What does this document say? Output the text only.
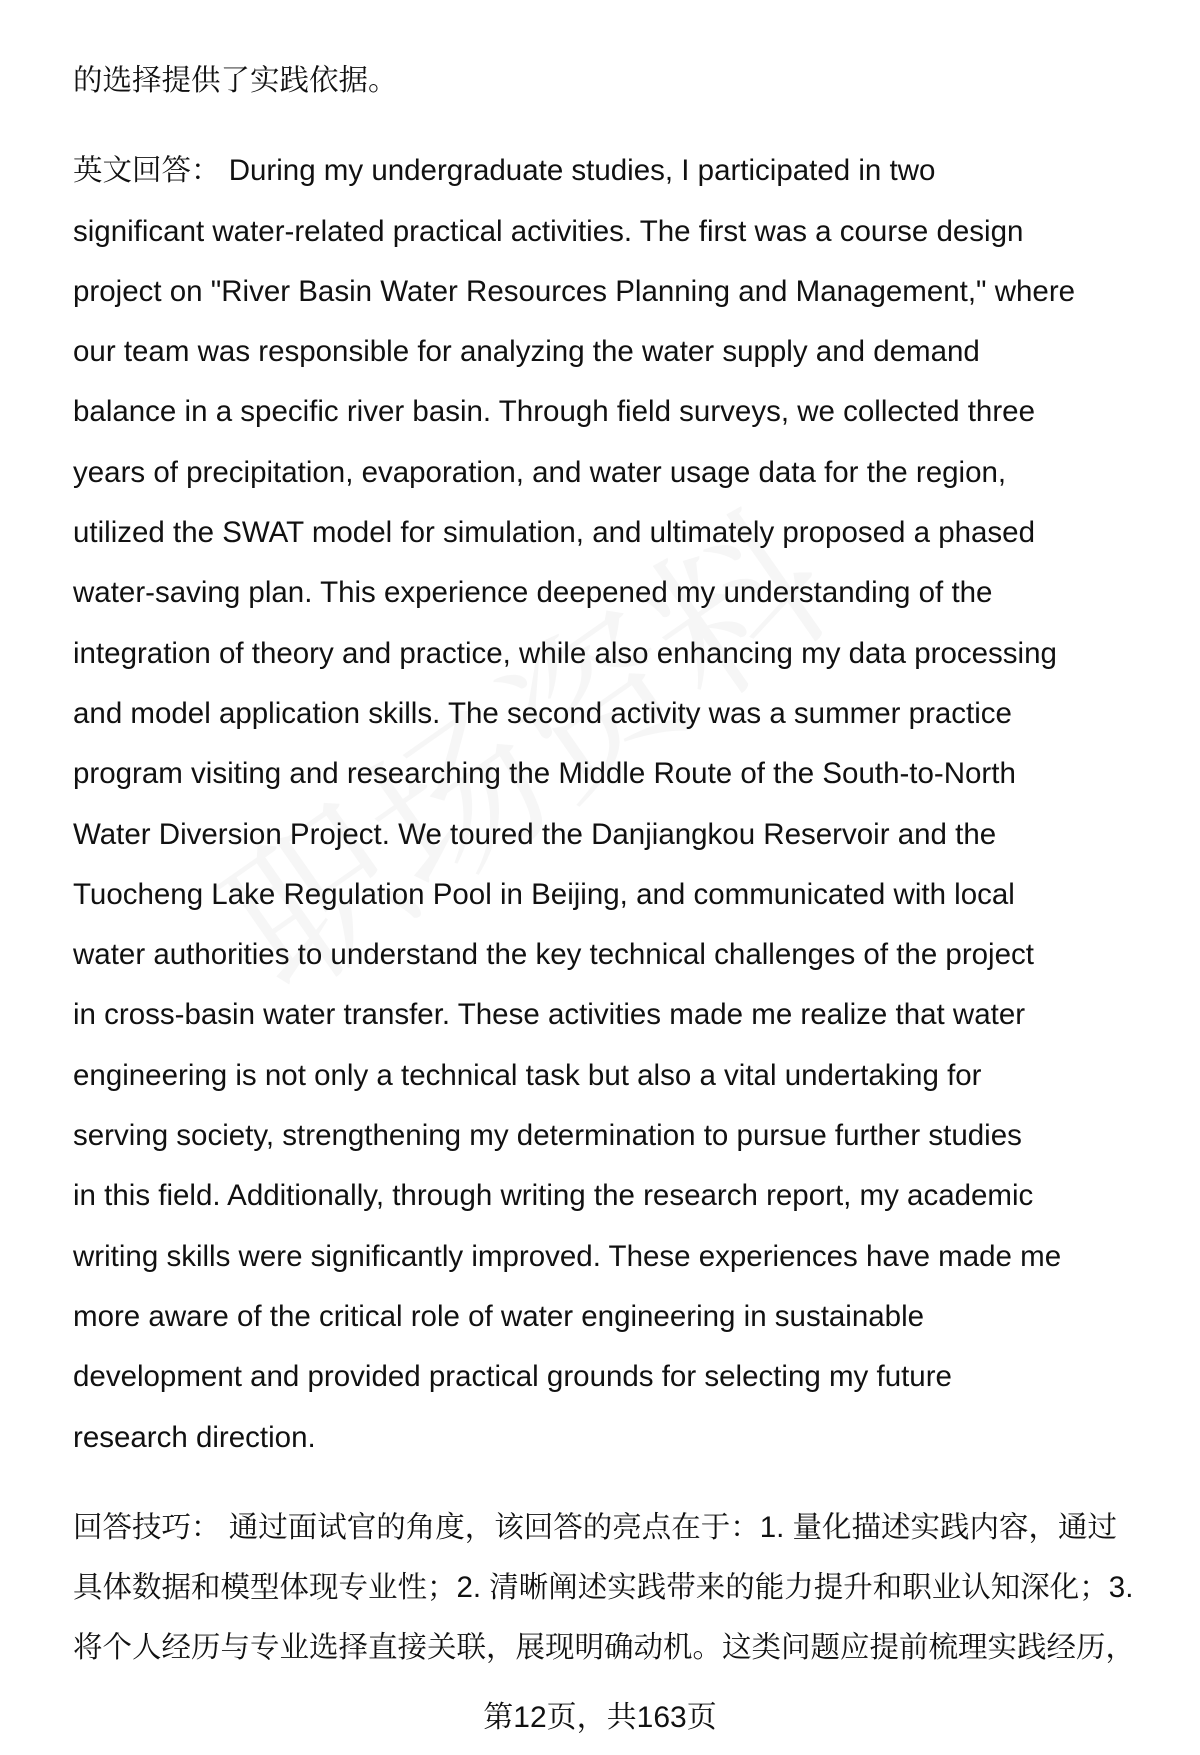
的选择提供了实践依据。
英文回答： During my undergraduate studies, I participated in two
significant water-related practical activities. The first was a course design
project on "River Basin Water Resources Planning and Management," where
our team was responsible for analyzing the water supply and demand
balance in a specific river basin. Through field surveys, we collected three
years of precipitation, evaporation, and water usage data for the region,
utilized the SWAT model for simulation, and ultimately proposed a phased
water-saving plan. This experience deepened my understanding of the
integration of theory and practice, while also enhancing my data processing
and model application skills. The second activity was a summer practice
program visiting and researching the Middle Route of the South-to-North
Water Diversion Project. We toured the Danjiangkou Reservoir and the
Tuocheng Lake Regulation Pool in Beijing, and communicated with local
water authorities to understand the key technical challenges of the project
in cross-basin water transfer. These activities made me realize that water
engineering is not only a technical task but also a vital undertaking for
serving society, strengthening my determination to pursue further studies
in this field. Additionally, through writing the research report, my academic
writing skills were significantly improved. These experiences have made me
more aware of the critical role of water engineering in sustainable
development and provided practical grounds for selecting my future
research direction.
回答技巧： 通过面试官的角度，该回答的亮点在于：1. 量化描述实践内容，通过
具体数据和模型体现专业性；2. 清晰阐述实践带来的能力提升和职业认知深化；3.
将个人经历与专业选择直接关联，展现明确动机。这类问题应提前梳理实践经历，
第12页，共163页
